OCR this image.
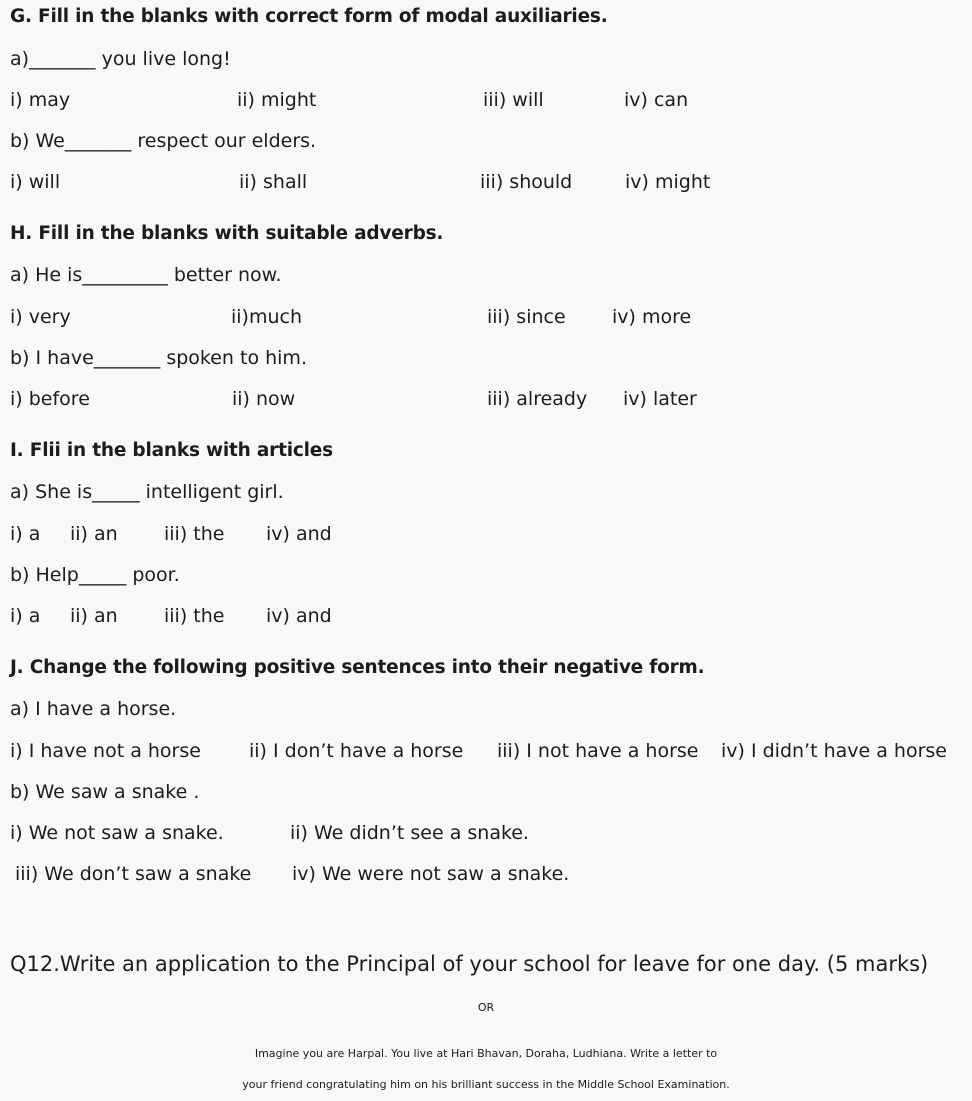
G. Fill in the blanks with correct form of modal auxiliaries.
a)_______ you live long!
i) may	ii) might	iii) will	iv) can
b) We_______ respect our elders.
i) will	ii) shall	iii) should	iv) might
H. Fill in the blanks with suitable adverbs.
a) He is_________ better now.
i) very	ii)much	iii) since iv) more
b) I have_______ spoken to him.
i) before	ii) now	iii) already iv) later
I. Flii in the blanks with articles
a) She is_____ intelligent girl.
i) a ii) an iii) the iv) and
b) Help_____ poor.
i) a ii) an iii) the iv) and
J. Change the following positive sentences into their negative form.
a) I have a horse.
i) I have not a horse	ii) I don’t have a horse iii) I not have a horse iv) I didn’t have a horse
b) We saw a snake .
i) We not saw a snake.	ii) We didn’t see a snake.
iii) We don’t saw a snake iv) We were not saw a snake.
Q12.Write an application to the Principal of your school for leave for one day. (5 marks)
OR
Imagine you are Harpal. You live at Hari Bhavan, Doraha, Ludhiana. Write a letter to
your friend congratulating him on his brilliant success in the Middle School Examination.
